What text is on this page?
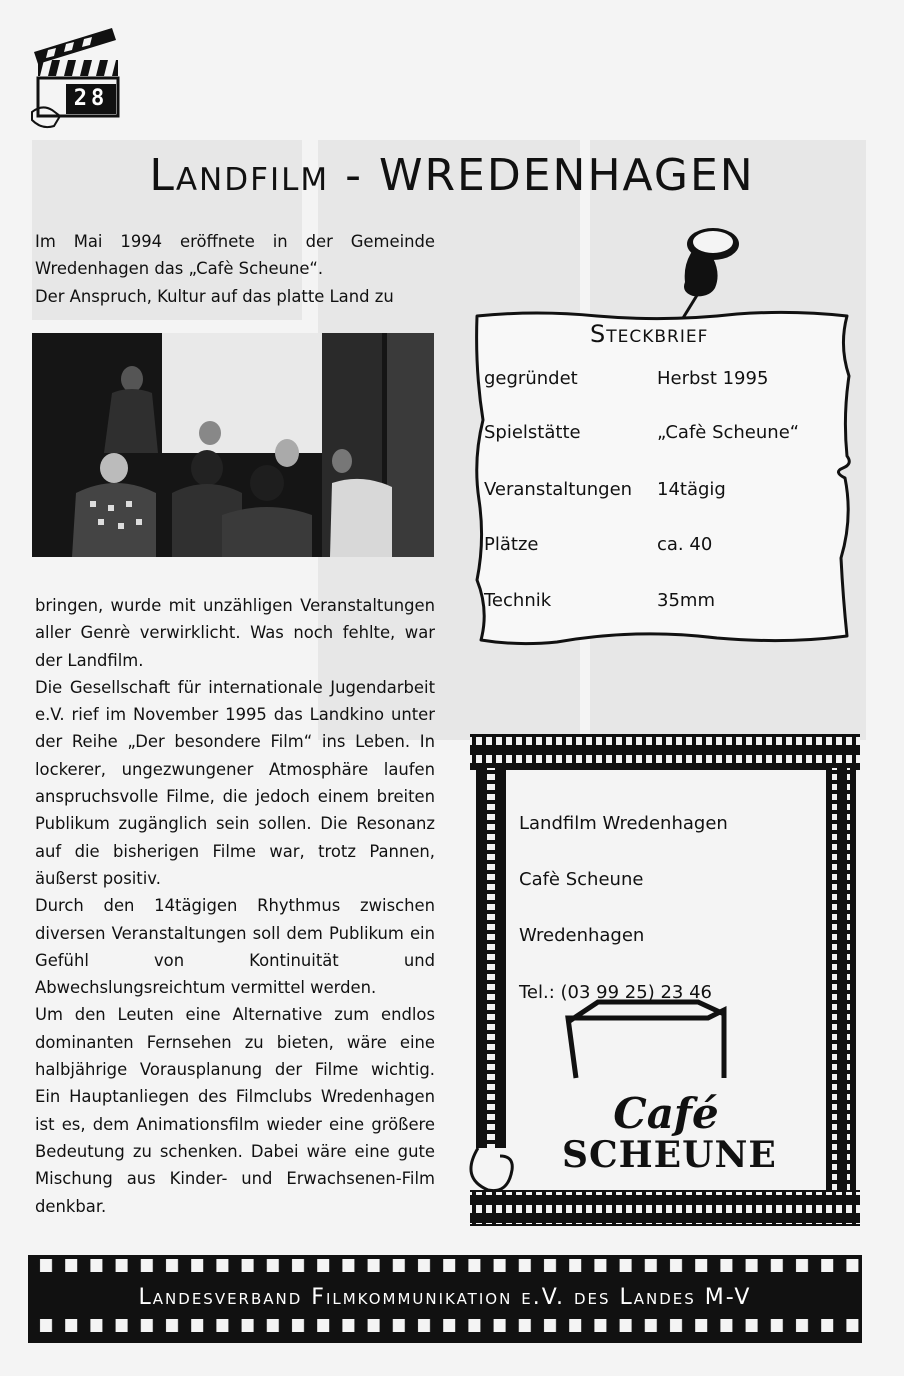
28
Landfilm - WREDENHAGEN

Im Mai 1994 eröffnete in der Gemeinde Wredenhagen das „Cafè Scheune“.

Der Anspruch, Kultur auf das platte Land zu

bringen, wurde mit unzähligen Veranstaltungen aller Genrè verwirklicht. Was noch fehlte, war der Landfilm.

Die Gesellschaft für internationale Jugendarbeit e.V. rief im November 1995 das Landkino unter der Reihe „Der besondere Film“ ins Leben. In lockerer, ungezwungener Atmosphäre laufen anspruchsvolle Filme, die jedoch einem breiten Publikum zugänglich sein sollen. Die Resonanz auf die bisherigen Filme war, trotz Pannen, äußerst positiv.

Durch den 14tägigen Rhythmus zwischen diversen Veranstaltungen soll dem Publikum ein Gefühl von Kontinuität und Abwechslungsreichtum vermittel werden.

Um den Leuten eine Alternative zum endlos dominanten Fernsehen zu bieten, wäre eine halbjährige Vorausplanung der Filme wichtig. Ein Hauptanliegen des Filmclubs Wredenhagen ist es, dem Animationsfilm wieder eine größere Bedeutung zu schenken. Dabei wäre eine gute Mischung aus Kinder- und Erwachsenen-Film denkbar.

Steckbrief
gegründet	Herbst 1995
Spielstätte	„Cafè Scheune“
Veranstaltungen 14tägig
Plätze	ca. 40
Technik	35mm
Landfilm Wredenhagen
Cafè Scheune
Wredenhagen
Tel.: (03 99 25) 23 46
Café
SCHEUNE
Landesverband Filmkommunikation e.V. des Landes M-V
